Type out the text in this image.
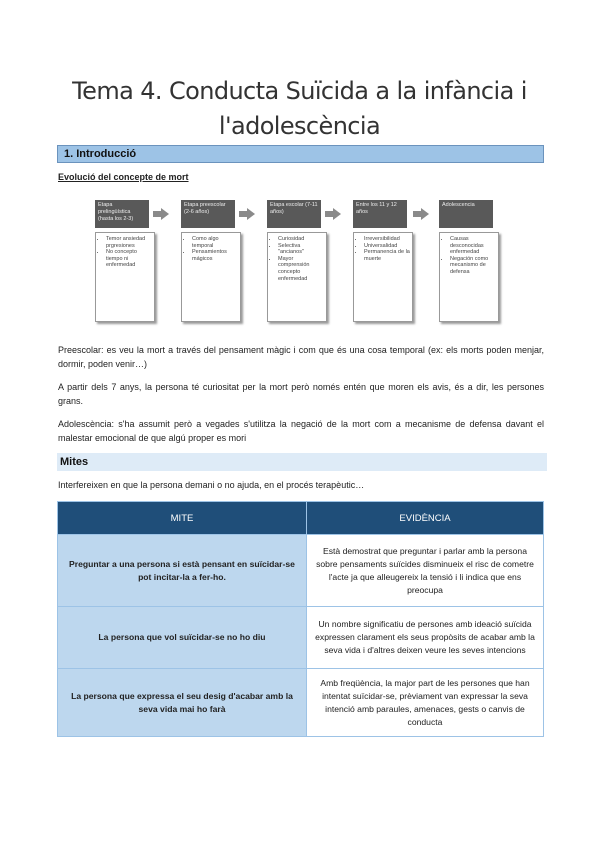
Tema 4. Conducta Suïcida a la infància i
l'adolescència
1. Introducció
Evolució del concepte de mort
Etapa prelingüística (hasta los 2-3)
• Temor ansiedad prgresiones
• No concepto tiempo ni enfermedad
Etapa preescolar (2-6 años)
• Como algo temporal
• Pensamientos mágicos
Etapa escolar (7-11 años)
• Curiosidad
• Selectiva "ancianos"
• Mayor comprensión concepto enfermedad
Entre los 11 y 12 años
• Irreversibilidad
• Universalidad
• Permanencia de la muerte
Adolescencia
• Causas desconocidas enfermedad
• Negación como mecanismo de defensa
Preescolar: es veu la mort a través del pensament màgic i com que és una cosa temporal (ex: els morts poden menjar, dormir, poden venir…)
A partir dels 7 anys, la persona té curiositat per la mort però només entén que moren els avis, és a dir, les persones grans.
Adolescència: s'ha assumit però a vegades s'utilitza la negació de la mort com a mecanisme de defensa davant el malestar emocional de que algú proper es mori
Mites
Interfereixen en que la persona demani o no ajuda, en el procés terapèutic…
MITE	EVIDÈNCIA
Preguntar a una persona si està pensant en suïcidar-se pot incitar-la a fer-ho.	Està demostrat que preguntar i parlar amb la persona sobre pensaments suïcides disminueix el risc de cometre l'acte ja que alleugereix la tensió i li indica que ens preocupa
La persona que vol suïcidar-se no ho diu	Un nombre significatiu de persones amb ideació suïcida expressen clarament els seus propòsits de acabar amb la seva vida i d'altres deixen veure les seves intencions
La persona que expressa el seu desig d'acabar amb la seva vida mai ho farà	Amb freqüència, la major part de les persones que han intentat suïcidar-se, prèviament van expressar la seva intenció amb paraules, amenaces, gests o canvis de conducta
